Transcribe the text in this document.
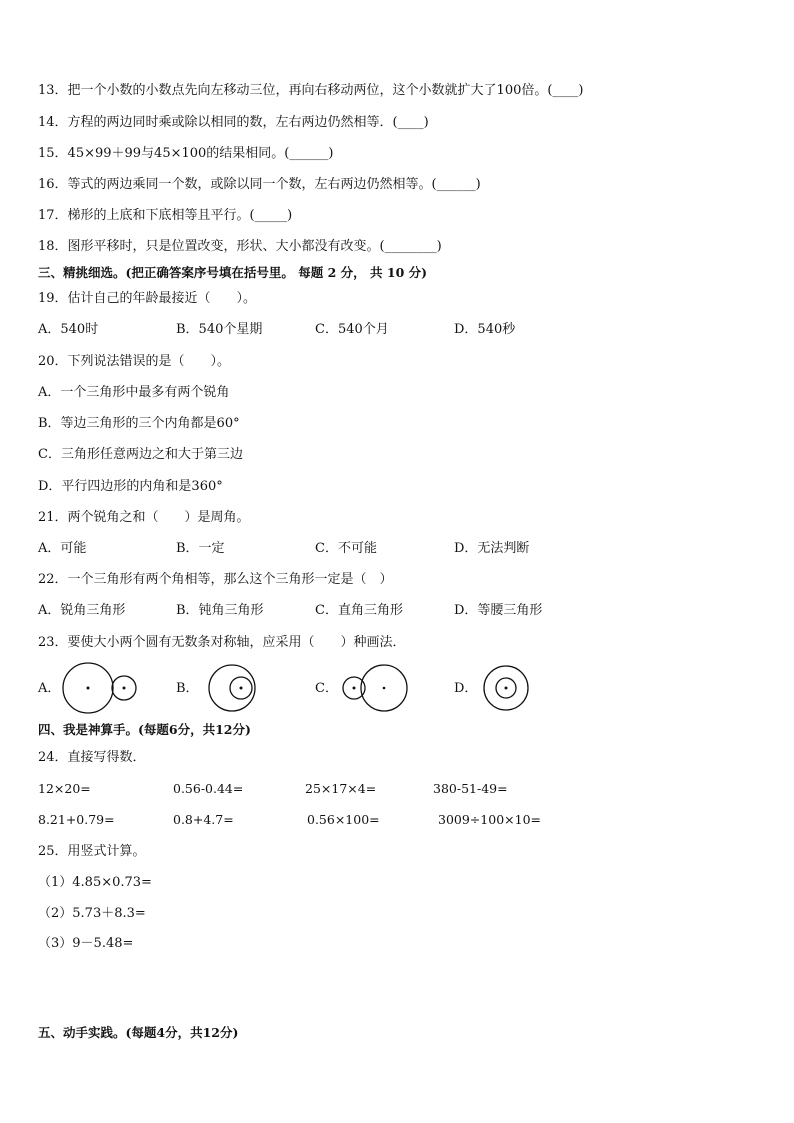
13．把一个小数的小数点先向左移动三位，再向右移动两位，这个小数就扩大了100倍。(____)
14．方程的两边同时乘或除以相同的数，左右两边仍然相等．(____)
15．45×99＋99与45×100的结果相同。(______)
16．等式的两边乘同一个数，或除以同一个数，左右两边仍然相等。(______)
17．梯形的上底和下底相等且平行。(_____)
18．图形平移时，只是位置改变，形状、大小都没有改变。(________)
三、精挑细选。(把正确答案序号填在括号里。 每题 2 分， 共 10 分)
19．估计自己的年龄最接近（　　）。
A．540时	B．540个星期	C．540个月	D．540秒
20．下列说法错误的是（　　）。
A．一个三角形中最多有两个锐角
B．等边三角形的三个内角都是60°
C．三角形任意两边之和大于第三边
D．平行四边形的内角和是360°
21．两个锐角之和（　　）是周角。
A．可能	B．一定	C．不可能	D．无法判断
22．一个三角形有两个角相等，那么这个三角形一定是（　）
A．锐角三角形	B．钝角三角形	C．直角三角形	D．等腰三角形
23．要使大小两个圆有无数条对称轴，应采用（　　）种画法．
A．	B．	C．	D．
四、我是神算手。(每题6分，共12分)
24．直接写得数．
12×20=	0.56-0.44=	25×17×4=	380-51-49=
8.21+0.79=	0.8+4.7=	0.56×100=	3009÷100×10=
25．用竖式计算。
（1）4.85×0.73=
（2）5.73＋8.3=
（3）9－5.48=
五、动手实践。(每题4分，共12分)
